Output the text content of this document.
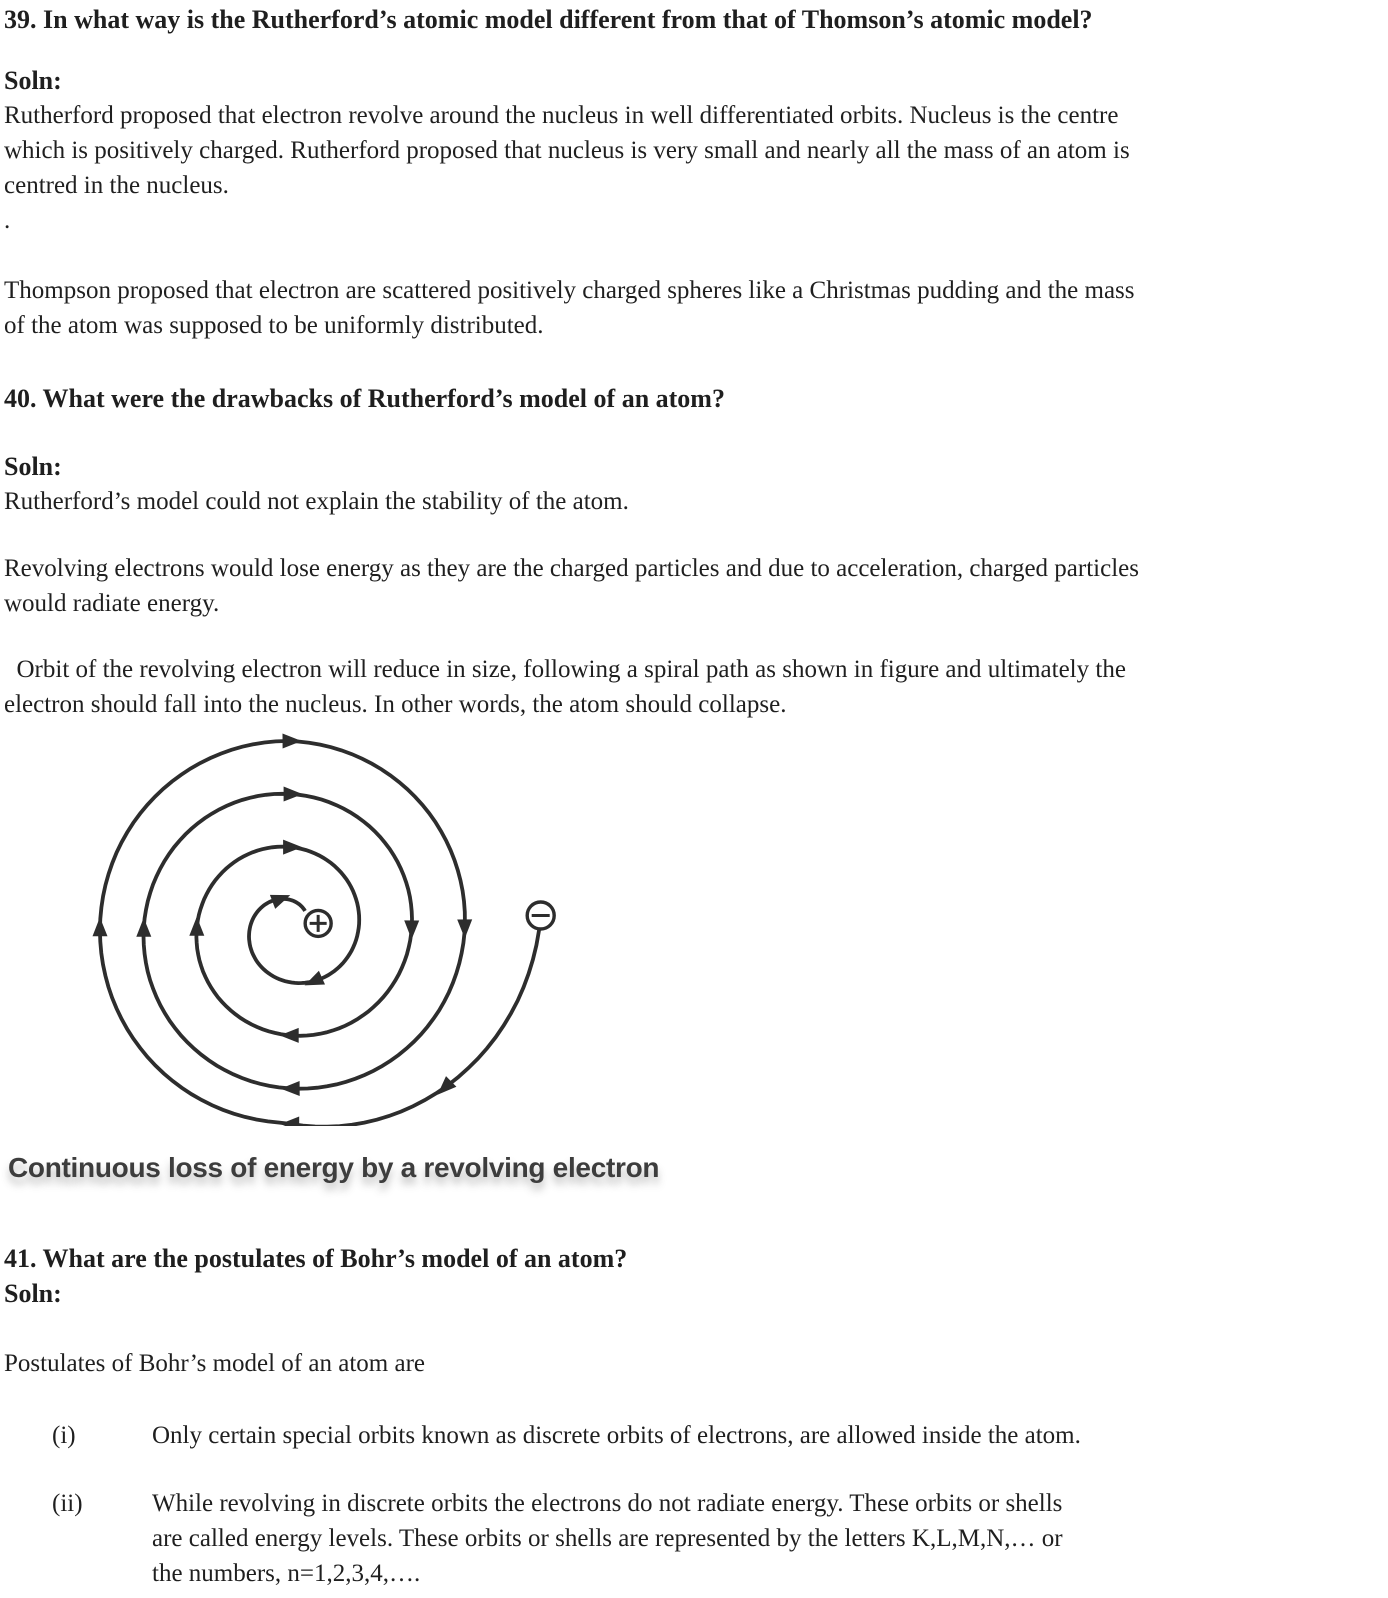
39. In what way is the Rutherford’s atomic model different from that of Thomson’s atomic model?
Soln:
Rutherford proposed that electron revolve around the nucleus in well differentiated orbits. Nucleus is the centre
which is positively charged. Rutherford proposed that nucleus is very small and nearly all the mass of an atom is
centred in the nucleus.
.
Thompson proposed that electron are scattered positively charged spheres like a Christmas pudding and the mass
of the atom was supposed to be uniformly distributed.
40. What were the drawbacks of Rutherford’s model of an atom?
Soln:
Rutherford’s model could not explain the stability of the atom.
Revolving electrons would lose energy as they are the charged particles and due to acceleration, charged particles
would radiate energy.
Orbit of the revolving electron will reduce in size, following a spiral path as shown in figure and ultimately the
electron should fall into the nucleus. In other words, the atom should collapse.
Continuous loss of energy by a revolving electron
41. What are the postulates of Bohr’s model of an atom?
Soln:
Postulates of Bohr’s model of an atom are
(i)	Only certain special orbits known as discrete orbits of electrons, are allowed inside the atom.
(ii)	While revolving in discrete orbits the electrons do not radiate energy. These orbits or shells
are called energy levels. These orbits or shells are represented by the letters K,L,M,N,… or
the numbers, n=1,2,3,4,….
